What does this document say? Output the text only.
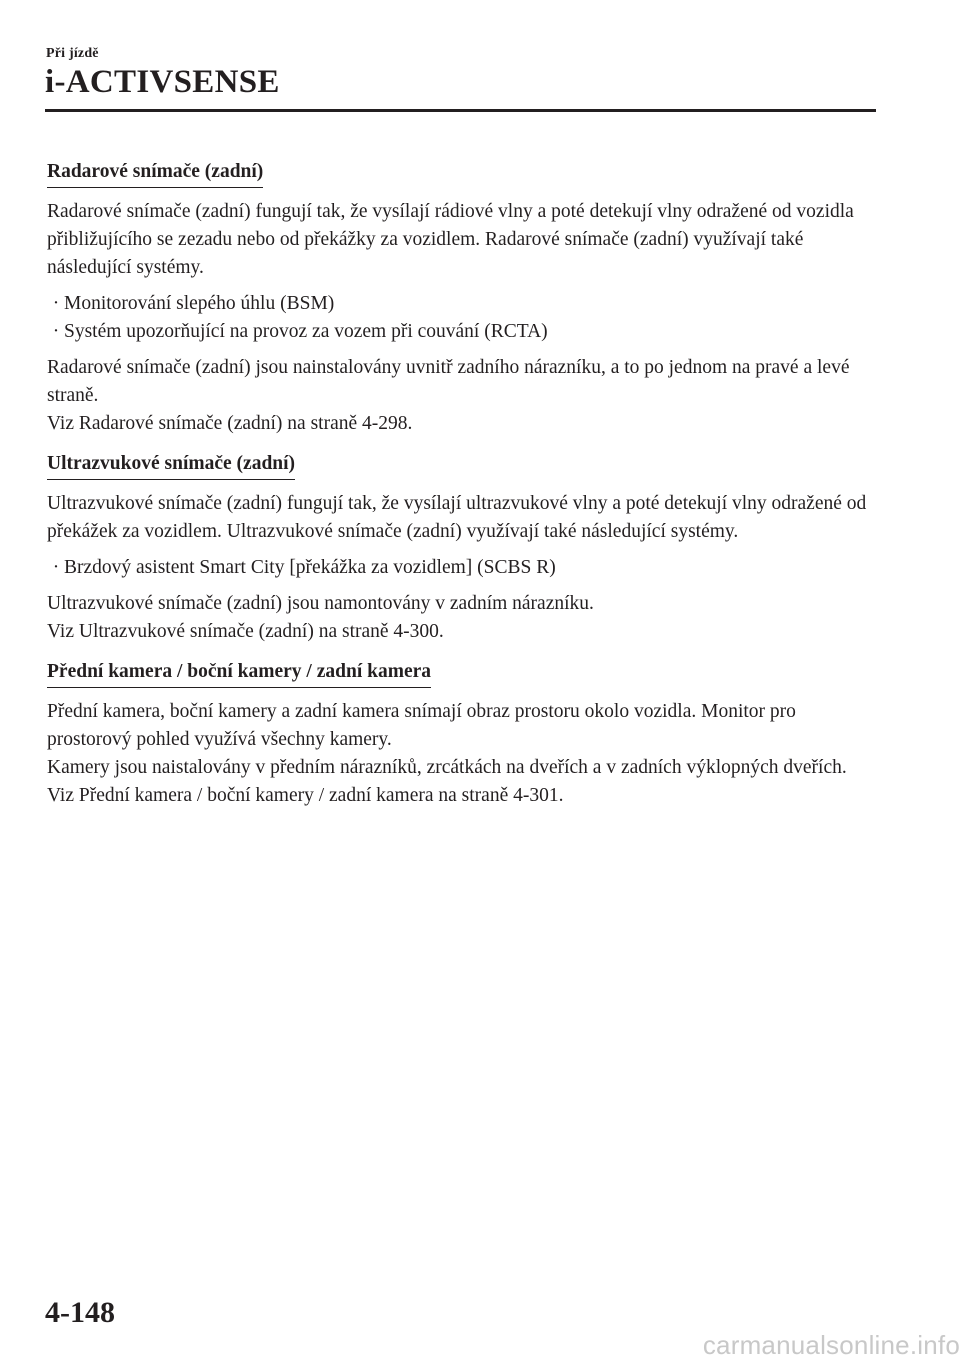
Při jízdě
i-ACTIVSENSE
Radarové snímače (zadní)

Radarové snímače (zadní) fungují tak, že vysílají rádiové vlny a poté detekují vlny odražené od vozidla přibližujícího se zezadu nebo od překážky za vozidlem. Radarové snímače (zadní) využívají také následující systémy.

· Monitorování slepého úhlu (BSM)
· Systém upozorňující na provoz za vozem při couvání (RCTA)

Radarové snímače (zadní) jsou nainstalovány uvnitř zadního nárazníku, a to po jednom na pravé a levé straně.

Viz Radarové snímače (zadní) na straně 4-298.

Ultrazvukové snímače (zadní)

Ultrazvukové snímače (zadní) fungují tak, že vysílají ultrazvukové vlny a poté detekují vlny odražené od překážek za vozidlem. Ultrazvukové snímače (zadní) využívají také následující systémy.

· Brzdový asistent Smart City [překážka za vozidlem] (SCBS R)

Ultrazvukové snímače (zadní) jsou namontovány v zadním nárazníku.

Viz Ultrazvukové snímače (zadní) na straně 4-300.

Přední kamera / boční kamery / zadní kamera

Přední kamera, boční kamery a zadní kamera snímají obraz prostoru okolo vozidla. Monitor pro prostorový pohled využívá všechny kamery.

Kamery jsou naistalovány v předním nárazníků, zrcátkách na dveřích a v zadních výklopných dveřích.

Viz Přední kamera / boční kamery / zadní kamera na straně 4-301.

4-148
carmanualsonline.info
